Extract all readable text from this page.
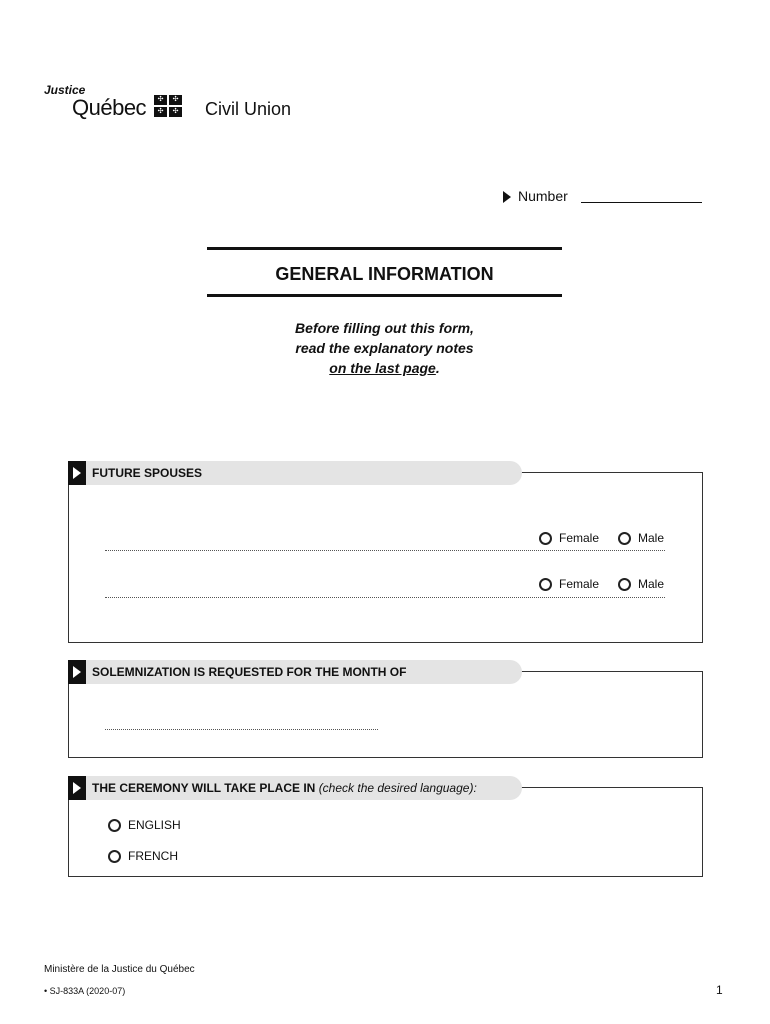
Justice
Québec	✣	✣
✣	✣ Civil Union
Number
GENERAL INFORMATION
Before filling out this form,
read the explanatory notes
on the last page.
FUTURE SPOUSES
Female	Male
Female	Male
SOLEMNIZATION IS REQUESTED FOR THE MONTH OF
THE CEREMONY WILL TAKE PLACE IN (check the desired language):
ENGLISH
FRENCH
Ministère de la Justice du Québec
• SJ-833A (2020-07)	1
